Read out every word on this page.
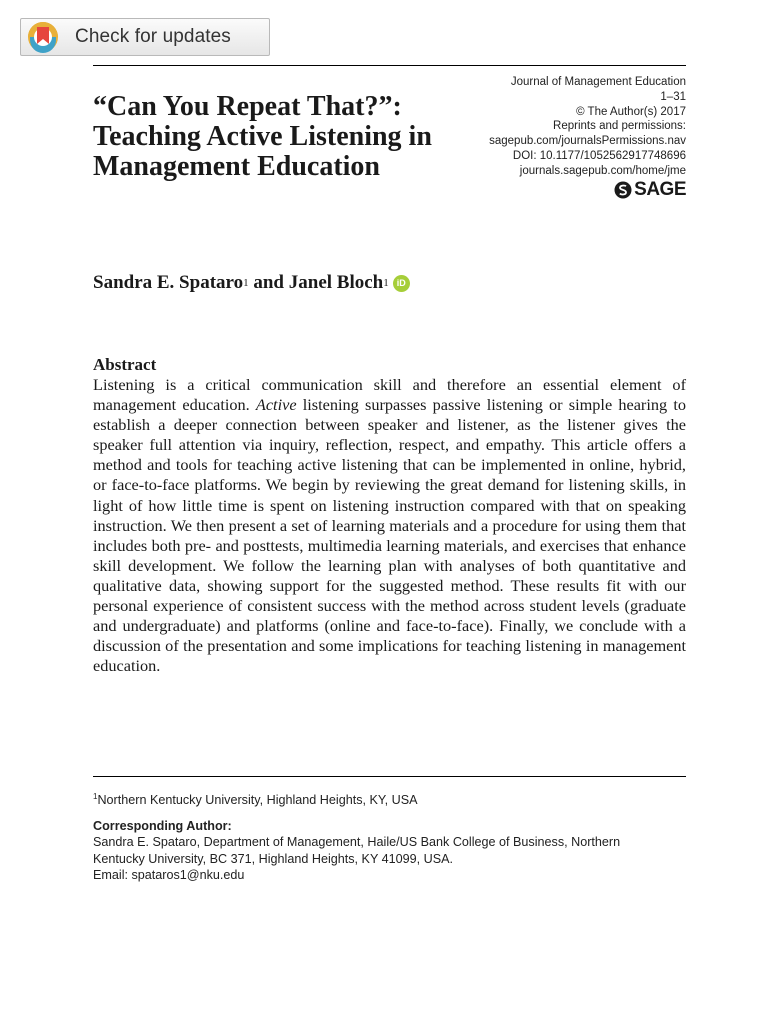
Check for updates
“Can You Repeat That?”: Teaching Active Listening in Management Education
Journal of Management Education
1–31
© The Author(s) 2017
Reprints and permissions:
sagepub.com/journalsPermissions.nav
DOI: 10.1177/1052562917748696
journals.sagepub.com/home/jme
SAGE
Sandra E. Spataro 1 and Janel Bloch 1 iD
Abstract
Listening is a critical communication skill and therefore an essential element of management education. Active listening surpasses passive listening or simple hearing to establish a deeper connection between speaker and listener, as the listener gives the speaker full attention via inquiry, reflection, respect, and empathy. This article offers a method and tools for teaching active listening that can be implemented in online, hybrid, or face-to-face platforms. We begin by reviewing the great demand for listening skills, in light of how little time is spent on listening instruction compared with that on speaking instruction. We then present a set of learning materials and a procedure for using them that includes both pre- and posttests, multimedia learning materials, and exercises that enhance skill development. We follow the learning plan with analyses of both quantitative and qualitative data, showing support for the suggested method. These results fit with our personal experience of consistent success with the method across student levels (graduate and undergraduate) and platforms (online and face-to-face). Finally, we conclude with a discussion of the presentation and some implications for teaching listening in management education.
$^1$Northern Kentucky University, Highland Heights, KY, USA
Corresponding Author:
Sandra E. Spataro, Department of Management, Haile/US Bank College of Business, Northern
Kentucky University, BC 371, Highland Heights, KY 41099, USA.
Email: spataros1@nku.edu
